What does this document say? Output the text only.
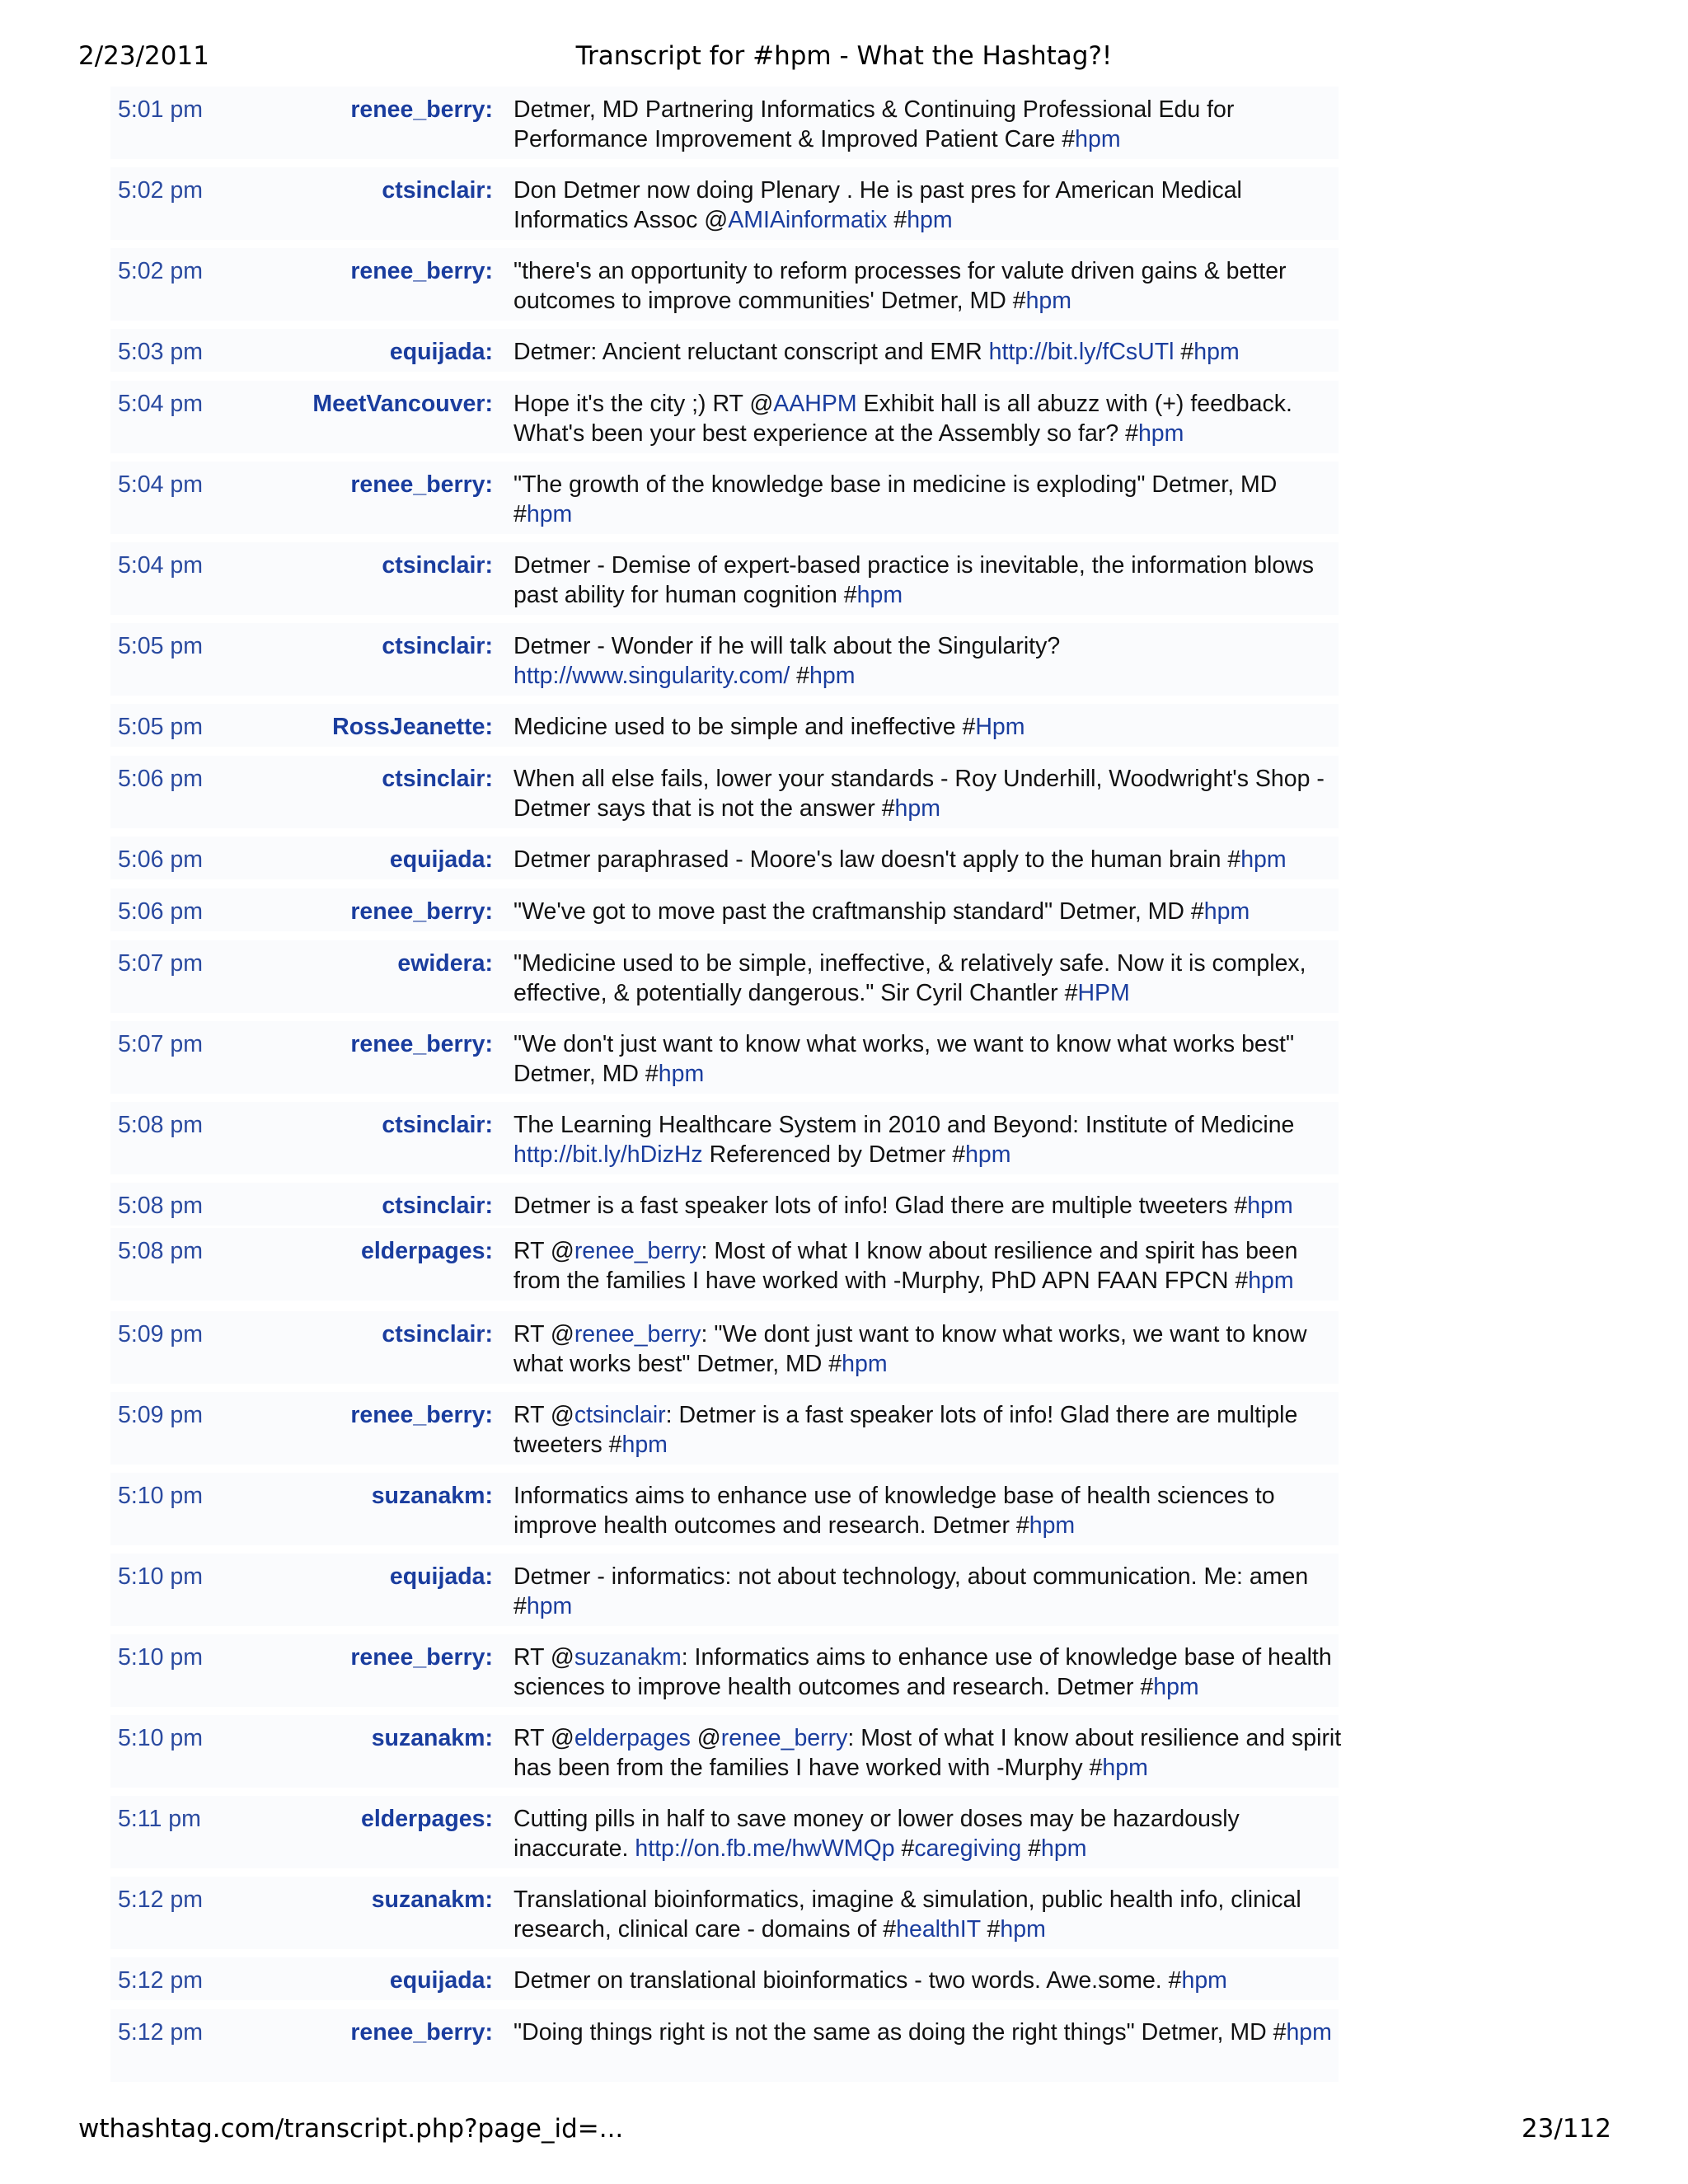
2/23/2011	Transcript for #hpm - What the Hashtag?!
5:01 pm	renee_berry: Detmer, MD Partnering Informatics & Continuing Professional Edu for Performance Improvement & Improved Patient Care #hpm
5:02 pm	ctsinclair: Don Detmer now doing Plenary . He is past pres for American Medical Informatics Assoc @AMIAinformatix #hpm
5:02 pm	renee_berry: "there's an opportunity to reform processes for valute driven gains & better outcomes to improve communities' Detmer, MD #hpm
5:03 pm	equijada: Detmer: Ancient reluctant conscript and EMR http://bit.ly/fCsUTl #hpm
5:04 pm	MeetVancouver: Hope it's the city ;) RT @AAHPM Exhibit hall is all abuzz with (+) feedback. What's been your best experience at the Assembly so far? #hpm
5:04 pm	renee_berry: "The growth of the knowledge base in medicine is exploding" Detmer, MD #hpm
5:04 pm	ctsinclair: Detmer - Demise of expert-based practice is inevitable, the information blows past ability for human cognition #hpm
5:05 pm	ctsinclair: Detmer - Wonder if he will talk about the Singularity? http://www.singularity.com/ #hpm
5:05 pm	RossJeanette: Medicine used to be simple and ineffective #Hpm
5:06 pm	ctsinclair: When all else fails, lower your standards - Roy Underhill, Woodwright's Shop - Detmer says that is not the answer #hpm
5:06 pm	equijada: Detmer paraphrased - Moore's law doesn't apply to the human brain #hpm
5:06 pm	renee_berry: "We've got to move past the craftmanship standard" Detmer, MD #hpm
5:07 pm	ewidera: "Medicine used to be simple, ineffective, & relatively safe. Now it is complex, effective, & potentially dangerous." Sir Cyril Chantler #HPM
5:07 pm	renee_berry: "We don't just want to know what works, we want to know what works best" Detmer, MD #hpm
5:08 pm	ctsinclair: The Learning Healthcare System in 2010 and Beyond: Institute of Medicine http://bit.ly/hDizHz Referenced by Detmer #hpm
5:08 pm	ctsinclair: Detmer is a fast speaker lots of info! Glad there are multiple tweeters #hpm
5:08 pm	elderpages: RT @renee_berry: Most of what I know about resilience and spirit has been from the families I have worked with -Murphy, PhD APN FAAN FPCN #hpm
5:09 pm	ctsinclair: RT @renee_berry: "We dont just want to know what works, we want to know what works best" Detmer, MD #hpm
5:09 pm	renee_berry: RT @ctsinclair: Detmer is a fast speaker lots of info! Glad there are multiple tweeters #hpm
5:10 pm	suzanakm: Informatics aims to enhance use of knowledge base of health sciences to improve health outcomes and research. Detmer #hpm
5:10 pm	equijada: Detmer - informatics: not about technology, about communication. Me: amen #hpm
5:10 pm	renee_berry: RT @suzanakm: Informatics aims to enhance use of knowledge base of health sciences to improve health outcomes and research. Detmer #hpm
5:10 pm	suzanakm: RT @elderpages @renee_berry: Most of what I know about resilience and spirit has been from the families I have worked with -Murphy #hpm
5:11 pm	elderpages: Cutting pills in half to save money or lower doses may be hazardously inaccurate. http://on.fb.me/hwWMQp #caregiving #hpm
5:12 pm	suzanakm: Translational bioinformatics, imagine & simulation, public health info, clinical research, clinical care - domains of #healthIT #hpm
5:12 pm	equijada: Detmer on translational bioinformatics - two words. Awe.some. #hpm
5:12 pm	renee_berry: "Doing things right is not the same as doing the right things" Detmer, MD #hpm
wthashtag.com/transcript.php?page_id=...	23/112
